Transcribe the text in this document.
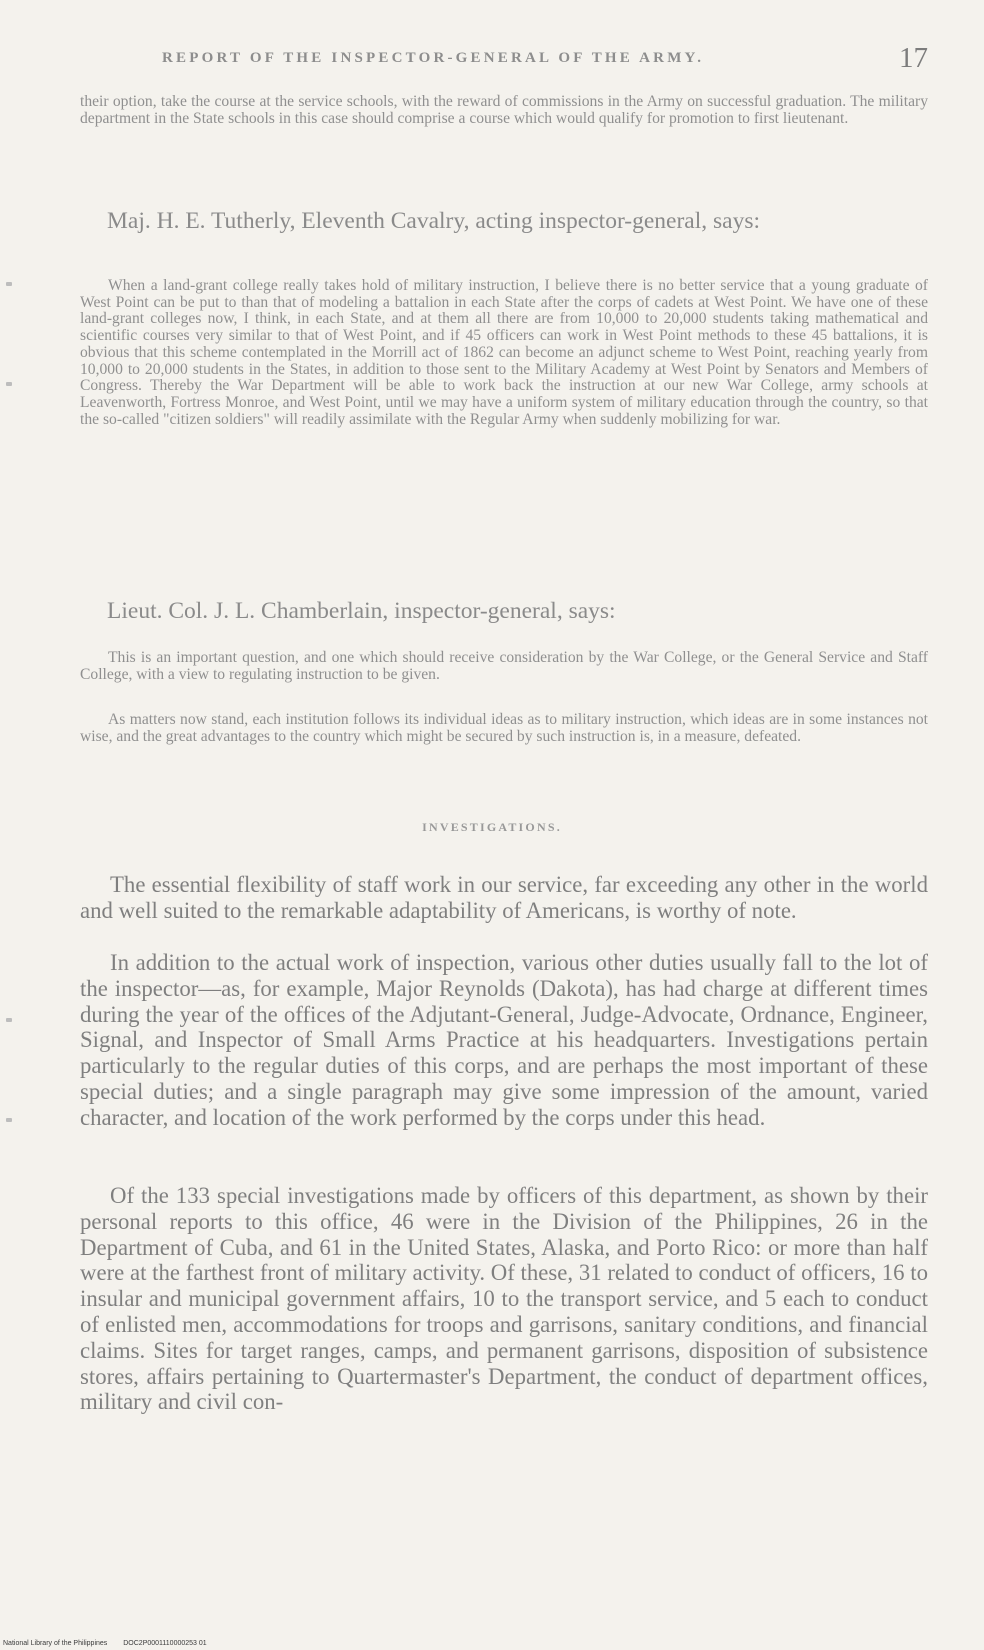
REPORT OF THE INSPECTOR-GENERAL OF THE ARMY.	17

their option, take the course at the service schools, with the reward of commissions in the Army on successful graduation. The military department in the State schools in this case should comprise a course which would qualify for promotion to first lieutenant.

Maj. H. E. Tutherly, Eleventh Cavalry, acting inspector-general, says:

When a land-grant college really takes hold of military instruction, I believe there is no better service that a young graduate of West Point can be put to than that of modeling a battalion in each State after the corps of cadets at West Point. We have one of these land-grant colleges now, I think, in each State, and at them all there are from 10,000 to 20,000 students taking mathematical and scientific courses very similar to that of West Point, and if 45 officers can work in West Point methods to these 45 battalions, it is obvious that this scheme contemplated in the Morrill act of 1862 can become an adjunct scheme to West Point, reaching yearly from 10,000 to 20,000 students in the States, in addition to those sent to the Military Academy at West Point by Senators and Members of Congress. Thereby the War Department will be able to work back the instruction at our new War College, army schools at Leavenworth, Fortress Monroe, and West Point, until we may have a uniform system of military education through the country, so that the so-called "citizen soldiers" will readily assimilate with the Regular Army when suddenly mobilizing for war.

Lieut. Col. J. L. Chamberlain, inspector-general, says:

This is an important question, and one which should receive consideration by the War College, or the General Service and Staff College, with a view to regulating instruction to be given.

As matters now stand, each institution follows its individual ideas as to military instruction, which ideas are in some instances not wise, and the great advantages to the country which might be secured by such instruction is, in a measure, defeated.

INVESTIGATIONS.

The essential flexibility of staff work in our service, far exceeding any other in the world and well suited to the remarkable adaptability of Americans, is worthy of note.

In addition to the actual work of inspection, various other duties usually fall to the lot of the inspector—as, for example, Major Reynolds (Dakota), has had charge at different times during the year of the offices of the Adjutant-General, Judge-Advocate, Ordnance, Engineer, Signal, and Inspector of Small Arms Practice at his headquarters. Investigations pertain particularly to the regular duties of this corps, and are perhaps the most important of these special duties; and a single paragraph may give some impression of the amount, varied character, and location of the work performed by the corps under this head.

Of the 133 special investigations made by officers of this department, as shown by their personal reports to this office, 46 were in the Division of the Philippines, 26 in the Department of Cuba, and 61 in the United States, Alaska, and Porto Rico: or more than half were at the farthest front of military activity. Of these, 31 related to conduct of officers, 16 to insular and municipal government affairs, 10 to the transport service, and 5 each to conduct of enlisted men, accommodations for troops and garrisons, sanitary conditions, and financial claims. Sites for target ranges, camps, and permanent garrisons, disposition of subsistence stores, affairs pertaining to Quartermaster's Department, the conduct of department offices, military and civil con-

National Library of the Philippines DOC2P0001110000253 01
